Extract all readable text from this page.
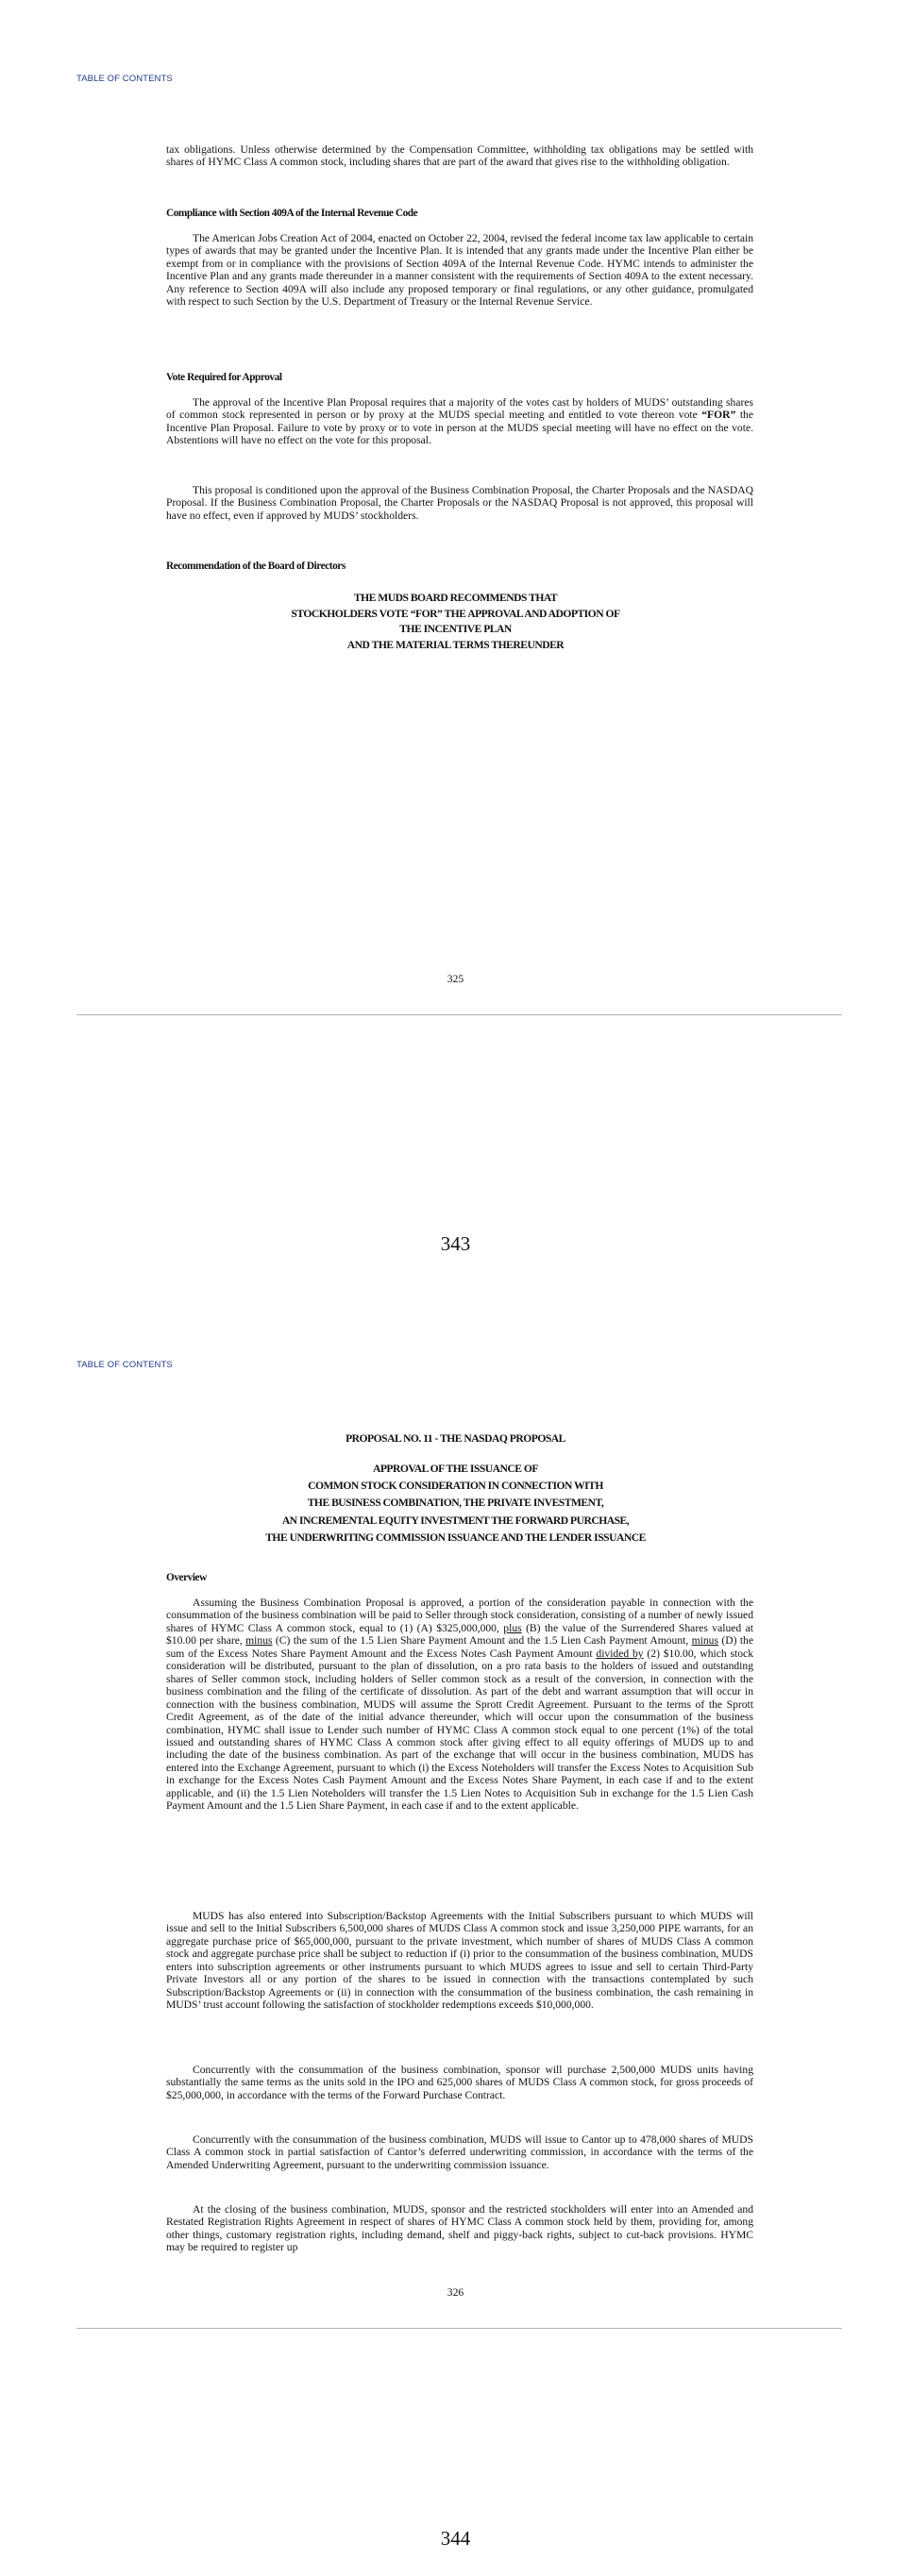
TABLE OF CONTENTS

tax obligations. Unless otherwise determined by the Compensation Committee, withholding tax obligations may be settled with shares of HYMC Class A common stock, including shares that are part of the award that gives rise to the withholding obligation.

Compliance with Section 409A of the Internal Revenue Code

The American Jobs Creation Act of 2004, enacted on October 22, 2004, revised the federal income tax law applicable to certain types of awards that may be granted under the Incentive Plan. It is intended that any grants made under the Incentive Plan either be exempt from or in compliance with the provisions of Section 409A of the Internal Revenue Code. HYMC intends to administer the Incentive Plan and any grants made thereunder in a manner consistent with the requirements of Section 409A to the extent necessary. Any reference to Section 409A will also include any proposed temporary or final regulations, or any other guidance, promulgated with respect to such Section by the U.S. Department of Treasury or the Internal Revenue Service.

Vote Required for Approval

The approval of the Incentive Plan Proposal requires that a majority of the votes cast by holders of MUDS’ outstanding shares of common stock represented in person or by proxy at the MUDS special meeting and entitled to vote thereon vote “FOR” the Incentive Plan Proposal. Failure to vote by proxy or to vote in person at the MUDS special meeting will have no effect on the vote. Abstentions will have no effect on the vote for this proposal.

This proposal is conditioned upon the approval of the Business Combination Proposal, the Charter Proposals and the NASDAQ Proposal. If the Business Combination Proposal, the Charter Proposals or the NASDAQ Proposal is not approved, this proposal will have no effect, even if approved by MUDS’ stockholders.

Recommendation of the Board of Directors
THE MUDS BOARD RECOMMENDS THAT
STOCKHOLDERS VOTE “FOR” THE APPROVAL AND ADOPTION OF
THE INCENTIVE PLAN
AND THE MATERIAL TERMS THEREUNDER
325
343
TABLE OF CONTENTS
PROPOSAL NO. 11 - THE NASDAQ PROPOSAL
APPROVAL OF THE ISSUANCE OF
COMMON STOCK CONSIDERATION IN CONNECTION WITH
THE BUSINESS COMBINATION, THE PRIVATE INVESTMENT,
AN INCREMENTAL EQUITY INVESTMENT THE FORWARD PURCHASE,
THE UNDERWRITING COMMISSION ISSUANCE AND THE LENDER ISSUANCE
Overview

Assuming the Business Combination Proposal is approved, a portion of the consideration payable in connection with the consummation of the business combination will be paid to Seller through stock consideration, consisting of a number of newly issued shares of HYMC Class A common stock, equal to (1) (A) $325,000,000, plus (B) the value of the Surrendered Shares valued at $10.00 per share, minus (C) the sum of the 1.5 Lien Share Payment Amount and the 1.5 Lien Cash Payment Amount, minus (D) the sum of the Excess Notes Share Payment Amount and the Excess Notes Cash Payment Amount divided by (2) $10.00, which stock consideration will be distributed, pursuant to the plan of dissolution, on a pro rata basis to the holders of issued and outstanding shares of Seller common stock, including holders of Seller common stock as a result of the conversion, in connection with the business combination and the filing of the certificate of dissolution. As part of the debt and warrant assumption that will occur in connection with the business combination, MUDS will assume the Sprott Credit Agreement. Pursuant to the terms of the Sprott Credit Agreement, as of the date of the initial advance thereunder, which will occur upon the consummation of the business combination, HYMC shall issue to Lender such number of HYMC Class A common stock equal to one percent (1%) of the total issued and outstanding shares of HYMC Class A common stock after giving effect to all equity offerings of MUDS up to and including the date of the business combination. As part of the exchange that will occur in the business combination, MUDS has entered into the Exchange Agreement, pursuant to which (i) the Excess Noteholders will transfer the Excess Notes to Acquisition Sub in exchange for the Excess Notes Cash Payment Amount and the Excess Notes Share Payment, in each case if and to the extent applicable, and (ii) the 1.5 Lien Noteholders will transfer the 1.5 Lien Notes to Acquisition Sub in exchange for the 1.5 Lien Cash Payment Amount and the 1.5 Lien Share Payment, in each case if and to the extent applicable.

MUDS has also entered into Subscription/Backstop Agreements with the Initial Subscribers pursuant to which MUDS will issue and sell to the Initial Subscribers 6,500,000 shares of MUDS Class A common stock and issue 3,250,000 PIPE warrants, for an aggregate purchase price of $65,000,000, pursuant to the private investment, which number of shares of MUDS Class A common stock and aggregate purchase price shall be subject to reduction if (i) prior to the consummation of the business combination, MUDS enters into subscription agreements or other instruments pursuant to which MUDS agrees to issue and sell to certain Third-Party Private Investors all or any portion of the shares to be issued in connection with the transactions contemplated by such Subscription/Backstop Agreements or (ii) in connection with the consummation of the business combination, the cash remaining in MUDS’ trust account following the satisfaction of stockholder redemptions exceeds $10,000,000.

Concurrently with the consummation of the business combination, sponsor will purchase 2,500,000 MUDS units having substantially the same terms as the units sold in the IPO and 625,000 shares of MUDS Class A common stock, for gross proceeds of $25,000,000, in accordance with the terms of the Forward Purchase Contract.

Concurrently with the consummation of the business combination, MUDS will issue to Cantor up to 478,000 shares of MUDS Class A common stock in partial satisfaction of Cantor’s deferred underwriting commission, in accordance with the terms of the Amended Underwriting Agreement, pursuant to the underwriting commission issuance.

At the closing of the business combination, MUDS, sponsor and the restricted stockholders will enter into an Amended and Restated Registration Rights Agreement in respect of shares of HYMC Class A common stock held by them, providing for, among other things, customary registration rights, including demand, shelf and piggy-back rights, subject to cut-back provisions. HYMC may be required to register up

326
344
